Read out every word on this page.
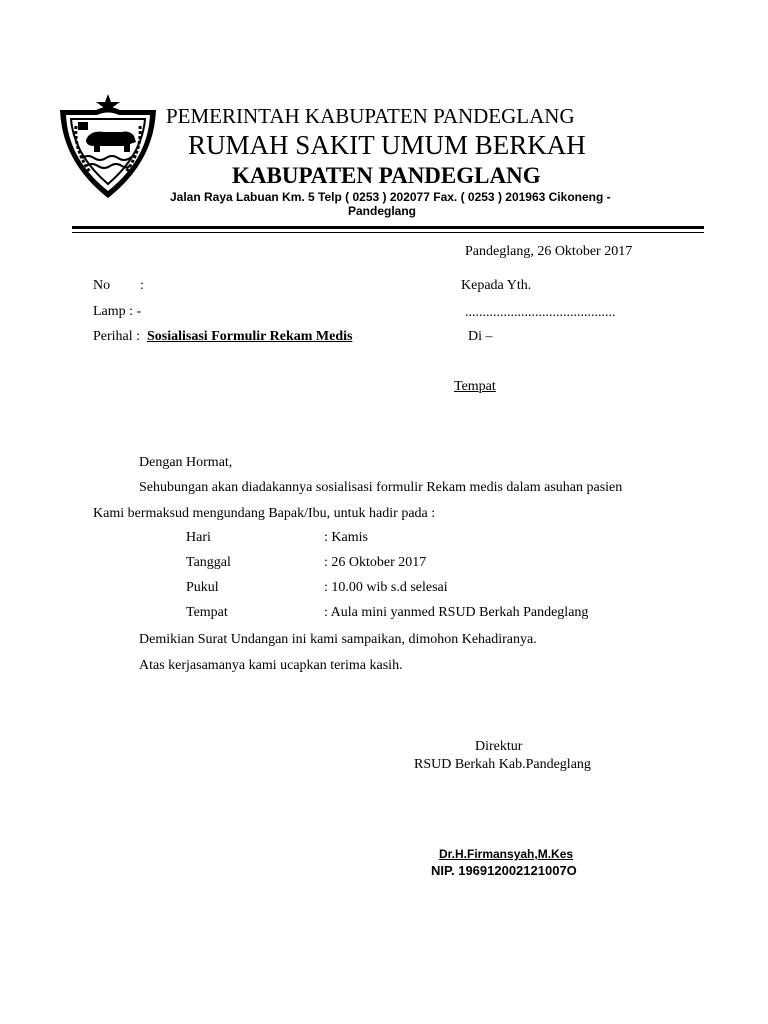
PEMERINTAH KABUPATEN PANDEGLANG
RUMAH SAKIT UMUM BERKAH
KABUPATEN PANDEGLANG
Jalan Raya Labuan Km. 5 Telp ( 0253 ) 202077 Fax. ( 0253 ) 201963 Cikoneng -
Pandeglang
Pandeglang, 26 Oktober 2017
No :	Kepada Yth.
Lamp : -	...........................................
Perihal : Sosialisasi Formulir Rekam Medis	Di –
Tempat
Dengan Hormat,
Sehubungan akan diadakannya sosialisasi formulir Rekam medis dalam asuhan pasien
Kami bermaksud mengundang Bapak/Ibu, untuk hadir pada :
Hari	: Kamis
Tanggal	: 26 Oktober 2017
Pukul	: 10.00 wib s.d selesai
Tempat	: Aula mini yanmed RSUD Berkah Pandeglang
Demikian Surat Undangan ini kami sampaikan, dimohon Kehadiranya.
Atas kerjasamanya kami ucapkan terima kasih.
Direktur
RSUD Berkah Kab.Pandeglang
Dr.H.Firmansyah,M.Kes
NIP. 196912002121007O
